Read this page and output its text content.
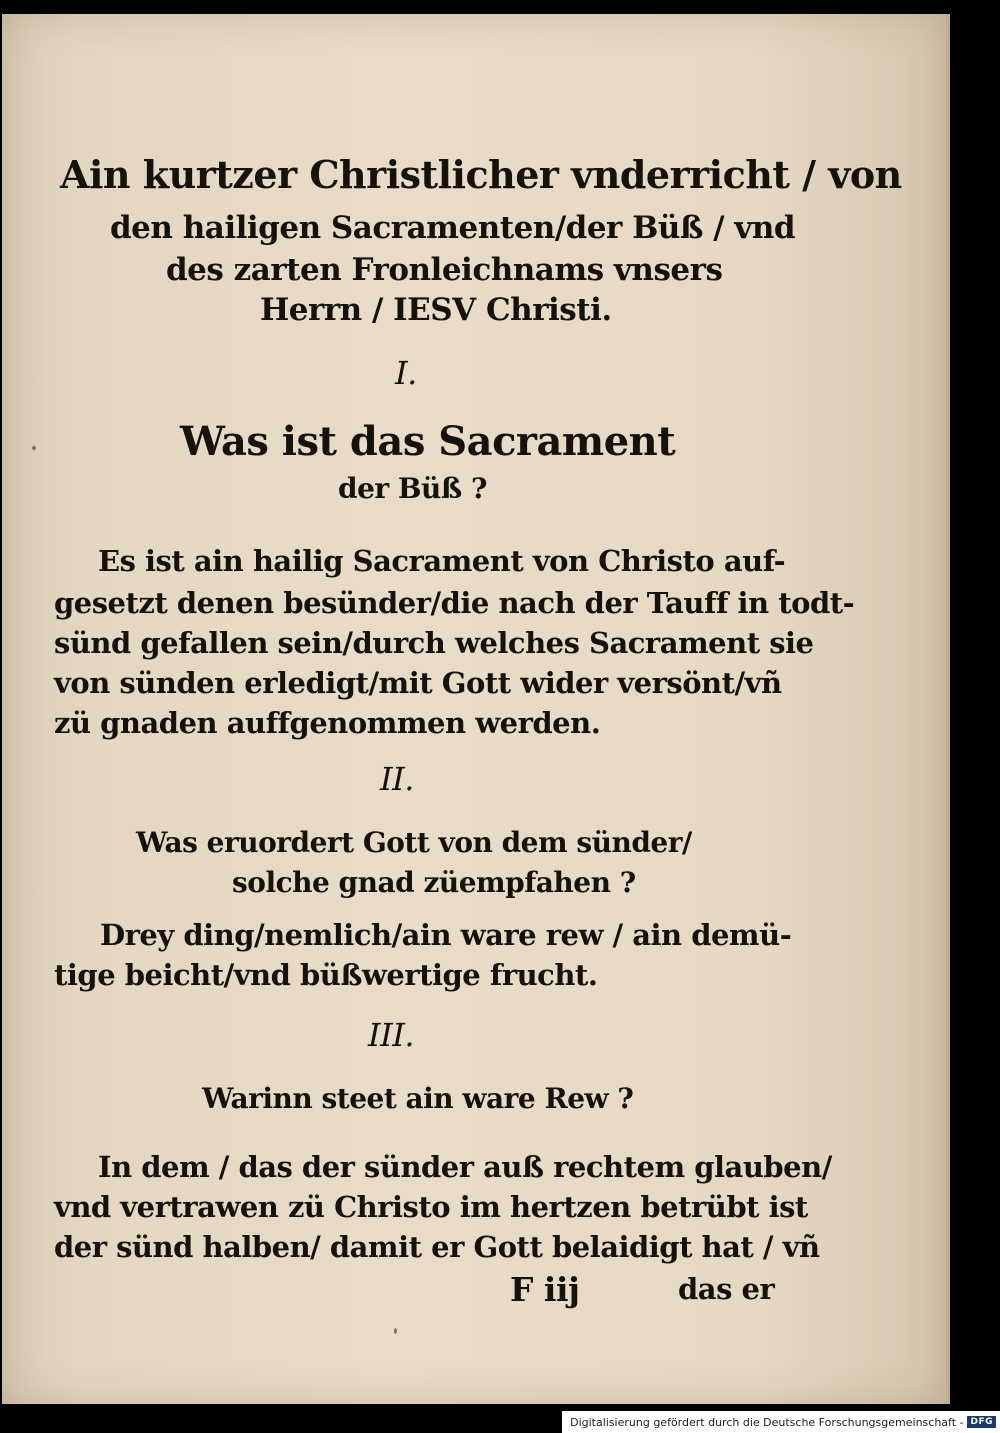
Ain kurtzer Christlicher vnderricht / von
den hailigen Sacramenten/der Büß / vnd
des zarten Fronleichnams vnsers
Herrn / IESV Christi.
I.
Was ist das Sacrament
der Büß ?
Es ist ain hailig Sacrament von Christo auf-
gesetzt denen besünder/die nach der Tauff in todt-
sünd gefallen sein/durch welches Sacrament sie
von sünden erledigt/mit Gott wider versönt/vñ
zü gnaden auffgenommen werden.
II.
Was eruordert Gott von dem sünder/
solche gnad züempfahen ?
Drey ding/nemlich/ain ware rew / ain demü-
tige beicht/vnd büßwertige frucht.
III.
Warinn steet ain ware Rew ?
In dem / das der sünder auß rechtem glauben/
vnd vertrawen zü Christo im hertzen betrübt ist
der sünd halben/ damit er Gott belaidigt hat / vñ
F iij	das er
Digitalisierung gefördert durch die Deutsche Forschungsgemeinschaft - DFG
